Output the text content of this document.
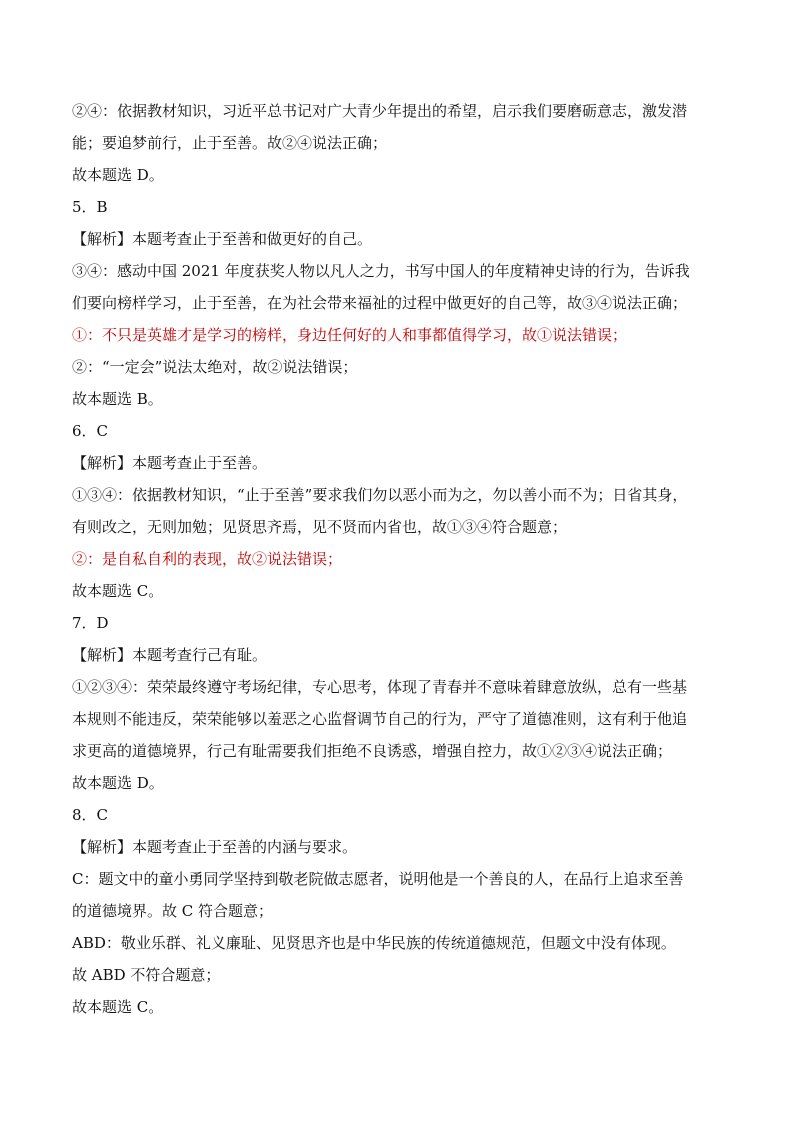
②④：依据教材知识，习近平总书记对广大青少年提出的希望，启示我们要磨砺意志，激发潜
能；要追梦前行，止于至善。故②④说法正确；
故本题选 D。
5．B
【解析】本题考查止于至善和做更好的自己。
③④：感动中国 2021 年度获奖人物以凡人之力，书写中国人的年度精神史诗的行为，告诉我
们要向榜样学习，止于至善，在为社会带来福祉的过程中做更好的自己等，故③④说法正确；
①：不只是英雄才是学习的榜样，身边任何好的人和事都值得学习，故①说法错误；
②：“一定会”说法太绝对，故②说法错误；
故本题选 B。
6．C
【解析】本题考查止于至善。
①③④：依据教材知识，“止于至善”要求我们勿以恶小而为之，勿以善小而不为；日省其身，
有则改之，无则加勉；见贤思齐焉，见不贤而内省也，故①③④符合题意；
②：是自私自利的表现，故②说法错误；
故本题选 C。
7．D
【解析】本题考查行己有耻。
①②③④：荣荣最终遵守考场纪律，专心思考，体现了青春并不意味着肆意放纵，总有一些基
本规则不能违反，荣荣能够以羞恶之心监督调节自己的行为，严守了道德准则，这有利于他追
求更高的道德境界，行己有耻需要我们拒绝不良诱惑，增强自控力，故①②③④说法正确；
故本题选 D。
8．C
【解析】本题考查止于至善的内涵与要求。
C：题文中的童小勇同学坚持到敬老院做志愿者，说明他是一个善良的人，在品行上追求至善
的道德境界。故 C 符合题意；
ABD：敬业乐群、礼义廉耻、见贤思齐也是中华民族的传统道德规范，但题文中没有体现。
故 ABD 不符合题意；
故本题选 C。
